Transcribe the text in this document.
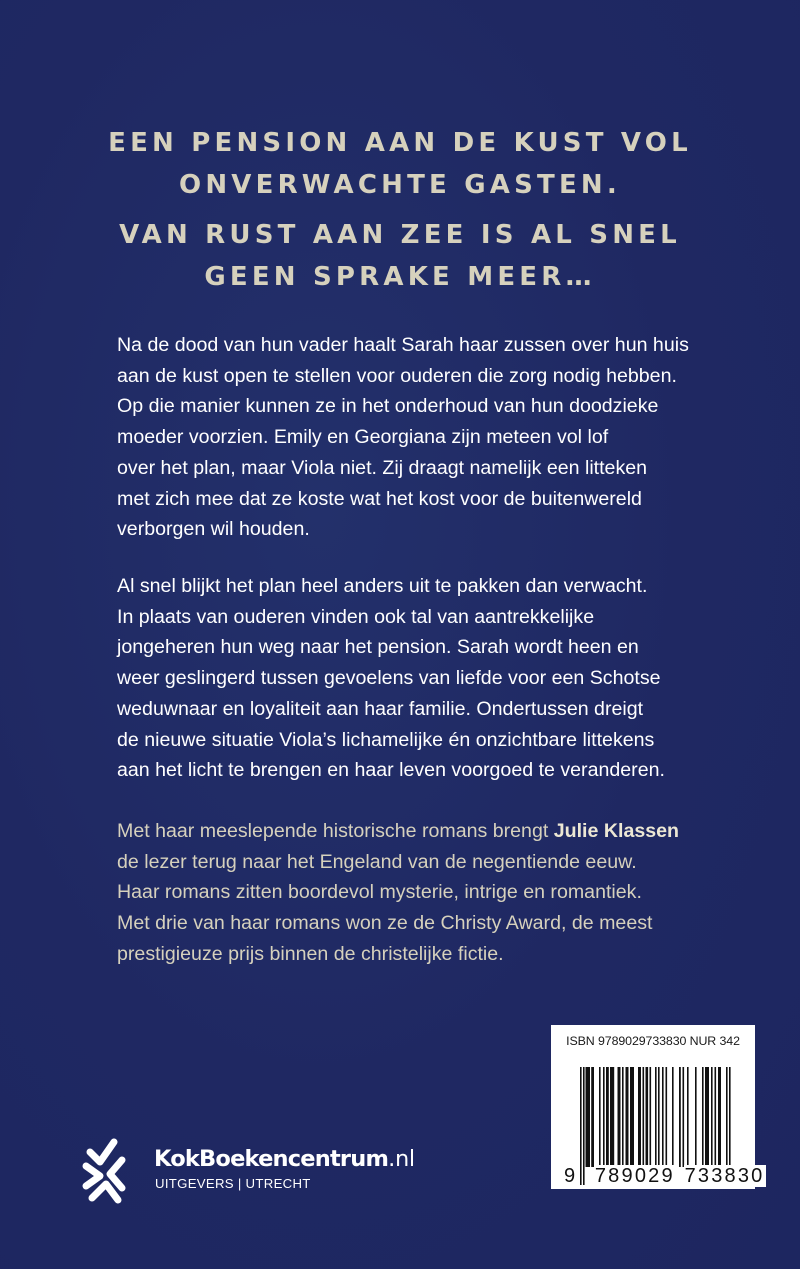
EEN PENSION AAN DE KUST VOL
ONVERWACHTE GASTEN.
VAN RUST AAN ZEE IS AL SNEL
GEEN SPRAKE MEER…
Na de dood van hun vader haalt Sarah haar zussen over hun huis
aan de kust open te stellen voor ouderen die zorg nodig hebben.
Op die manier kunnen ze in het onderhoud van hun doodzieke
moeder voorzien. Emily en Georgiana zijn meteen vol lof
over het plan, maar Viola niet. Zij draagt namelijk een litteken
met zich mee dat ze koste wat het kost voor de buitenwereld
verborgen wil houden.
Al snel blijkt het plan heel anders uit te pakken dan verwacht.
In plaats van ouderen vinden ook tal van aantrekkelijke
jongeheren hun weg naar het pension. Sarah wordt heen en
weer geslingerd tussen gevoelens van liefde voor een Schotse
weduwnaar en loyaliteit aan haar familie. Ondertussen dreigt
de nieuwe situatie Viola’s lichamelijke én onzichtbare littekens
aan het licht te brengen en haar leven voorgoed te veranderen.
Met haar meeslepende historische romans brengt Julie Klassen
de lezer terug naar het Engeland van de negentiende eeuw.
Haar romans zitten boordevol mysterie, intrige en romantiek.
Met drie van haar romans won ze de Christy Award, de meest
prestigieuze prijs binnen de christelijke fictie.
ISBN 9789029733830 NUR 342
9 789029 733830
KokBoekencentrum.nl
UITGEVERS | UTRECHT
